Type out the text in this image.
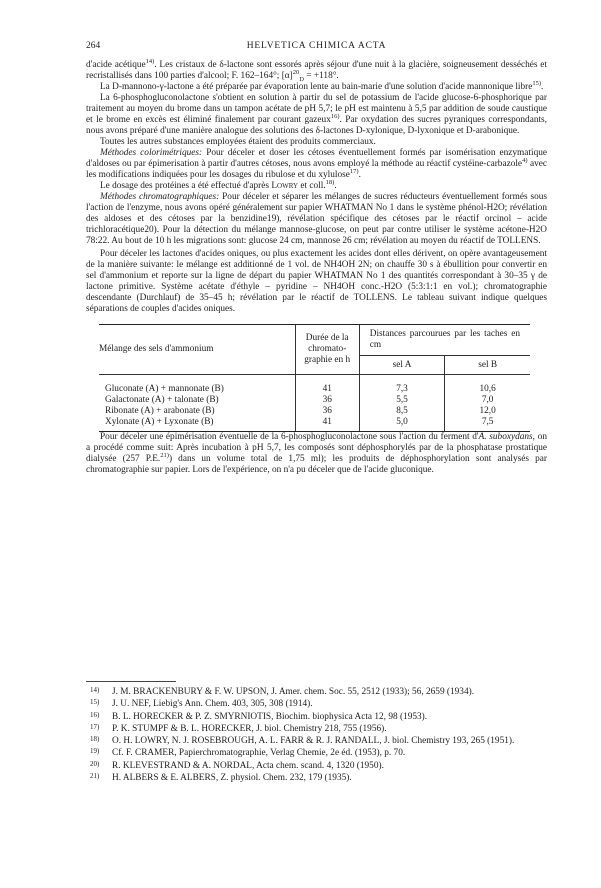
264	HELVETICA CHIMICA ACTA

d'acide acétique$^{14)}$. Les cristaux de δ-lactone sont essorés après séjour d'une nuit à la glacière, soigneusement desséchés et recristallisés dans 100 parties d'alcool; F. 162–164°; $[\alpha]^{20}_D = +118^\circ$.

La D-mannono-γ-lactone a été préparée par évaporation lente au bain-marie d'une solution d'acide mannonique libre$^{15)}$.

La 6-phosphogluconolactone s'obtient en solution à partir du sel de potassium de l'acide glucose-6-phosphorique par traitement au moyen du brome dans un tampon acétate de pH 5,7; le pH est maintenu à 5,5 par addition de soude caustique et le brome en excès est éliminé finalement par courant gazeux$^{16)}$. Par oxydation des sucres pyraniques correspondants, nous avons préparé d'une manière analogue des solutions des δ-lactones D-xylonique, D-lyxonique et D-arabonique.

Toutes les autres substances employées étaient des produits commerciaux.

Méthodes colorimétriques: Pour déceler et doser les cétoses éventuellement formés par isomérisation enzymatique d'aldoses ou par épimerisation à partir d'autres cétoses, nous avons employé la méthode au réactif cystéine-carbazole$^{4)}$ avec les modifications indiquées pour les dosages du ribulose et du xylulose$^{17)}$.

Le dosage des protéines a été effectué d'après Lowry et coll.$^{18)}$.

Méthodes chromatographiques: Pour déceler et séparer les mélanges de sucres réducteurs éventuellement formés sous l'action de l'enzyme, nous avons opéré généralement sur papier WHATMAN No 1 dans le système phénol-H2O; révélation des aldoses et des cétoses par la benzidine19), révélation spécifique des cétoses par le réactif orcinol – acide trichloracétique20). Pour la détection du mélange mannose-glucose, on peut par contre utiliser le système acétone-H2O 78:22. Au bout de 10 h les migrations sont: glucose 24 cm, mannose 26 cm; révélation au moyen du réactif de TOLLENS.

Pour déceler les lactones d'acides oniques, ou plus exactement les acides dont elles dérivent, on opère avantageusement de la manière suivante: le mélange est additionné de 1 vol. de NH4OH 2N; on chauffe 30 s à ébullition pour convertir en sel d'ammonium et reporte sur la ligne de départ du papier WHATMAN No 1 des quantités correspondant à 30–35 γ de lactone primitive. Système acétate d'éthyle – pyridine – NH4OH conc.-H2O (5:3:1:1 en vol.); chromatographie descendante (Durchlauf) de 35–45 h; révélation par le réactif de TOLLENS. Le tableau suivant indique quelques séparations de couples d'acides oniques.

Mélange des sels d'ammonium	Durée de la chromato-graphie en h	Distances parcourues par les taches en cm	
		sel A	sel B

Gluconate (A) + mannonate (B)	41	7,3	10,6
Galactonate (A) + talonate (B)	36	5,5	7,0
Ribonate (A) + arabonate (B)	36	8,5	12,0
Xylonate (A) + Lyxonate (B)	41	5,0	7,5

Pour déceler une épimérisation éventuelle de la 6-phosphogluconolactone sous l'action du ferment d'A. suboxydans, on a procédé comme suit: Après incubation à pH 5,7, les composés sont déphosphorylés par de la phosphatase prostatique dialysée (257 P.E.$^{21)}$) dans un volume total de 1,75 ml); les produits de déphosphorylation sont analysés par chromatographie sur papier. Lors de l'expérience, on n'a pu déceler que de l'acide gluconique.

14) J. M. BRACKENBURY & F. W. UPSON, J. Amer. chem. Soc. 55, 2512 (1933); 56, 2659 (1934).
15) J. U. NEF, Liebig's Ann. Chem. 403, 305, 308 (1914).
16) B. L. HORECKER & P. Z. SMYRNIOTIS, Biochim. biophysica Acta 12, 98 (1953).
17) P. K. STUMPF & B. L. HORECKER, J. biol. Chemistry 218, 755 (1956).
18) O. H. LOWRY, N. J. ROSEBROUGH, A. L. FARR & R. J. RANDALL, J. biol. Chemistry 193, 265 (1951).
19) Cf. F. CRAMER, Papierchromatographie, Verlag Chemie, 2e éd. (1953), p. 70.
20) R. KLEVESTRAND & A. NORDAL, Acta chem. scand. 4, 1320 (1950).
21) H. ALBERS & E. ALBERS, Z. physiol. Chem. 232, 179 (1935).
